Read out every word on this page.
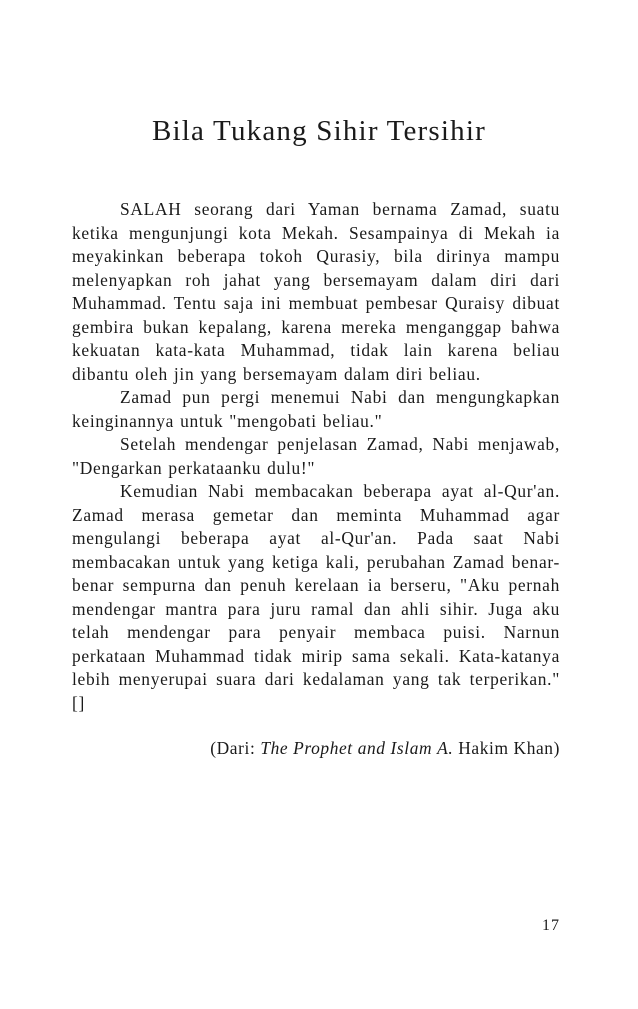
Bila Tukang Sihir Tersihir

SALAH seorang dari Yaman bernama Zamad, suatu ketika mengunjungi kota Mekah. Sesampainya di Mekah ia meyakinkan beberapa tokoh Qurasiy, bila dirinya mampu melenyapkan roh jahat yang bersemayam dalam diri dari Muhammad. Tentu saja ini membuat pembesar Quraisy dibuat gembira bukan kepalang, karena mereka menganggap bahwa kekuatan kata-kata Muhammad, tidak lain karena beliau dibantu oleh jin yang bersemayam dalam diri beliau.

Zamad pun pergi menemui Nabi dan mengungkapkan keinginannya untuk "mengobati beliau."

Setelah mendengar penjelasan Zamad, Nabi menjawab, "Dengarkan perkataanku dulu!"

Kemudian Nabi membacakan beberapa ayat al-Qur'an. Zamad merasa gemetar dan meminta Muhammad agar mengulangi beberapa ayat al-Qur'an. Pada saat Nabi membacakan untuk yang ketiga kali, perubahan Zamad benar-benar sempurna dan penuh kerelaan ia berseru, "Aku pernah mendengar mantra para juru ramal dan ahli sihir. Juga aku telah mendengar para penyair membaca puisi. Narnun perkataan Muhammad tidak mirip sama sekali. Kata-katanya lebih menyerupai suara dari kedalaman yang tak terperikan." []

(Dari: The Prophet and Islam A. Hakim Khan)
17
